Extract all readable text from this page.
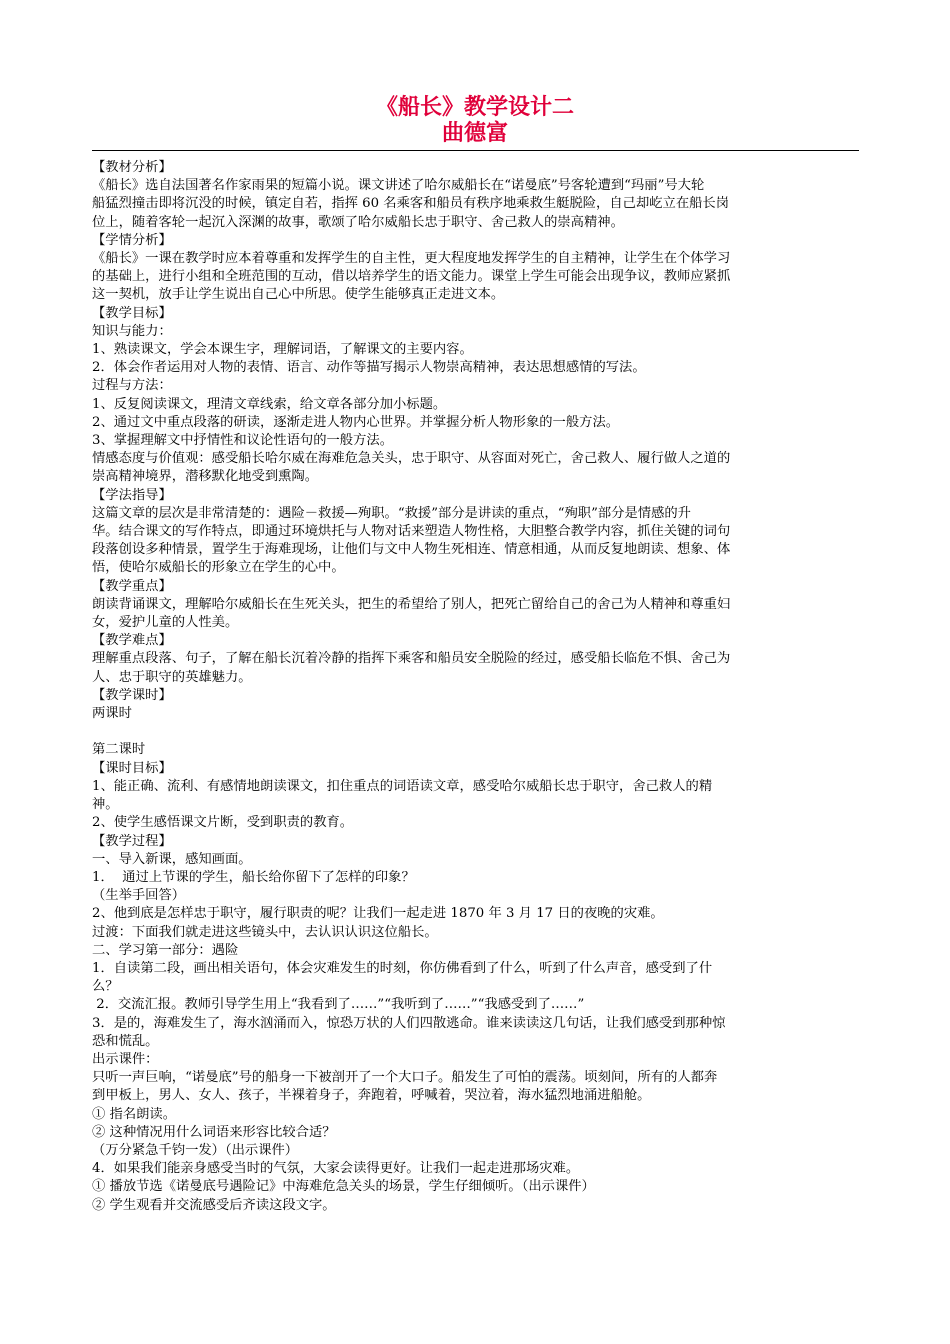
《船长》教学设计二
曲德富

【教材分析】

《船长》选自法国著名作家雨果的短篇小说。课文讲述了哈尔威船长在“诺曼底”号客轮遭到“玛丽”号大轮

船猛烈撞击即将沉没的时候，镇定自若，指挥 60 名乘客和船员有秩序地乘救生艇脱险，自己却屹立在船长岗

位上，随着客轮一起沉入深渊的故事，歌颂了哈尔威船长忠于职守、舍己救人的崇高精神。

【学情分析】

《船长》一课在教学时应本着尊重和发挥学生的自主性，更大程度地发挥学生的自主精神，让学生在个体学习

的基础上，进行小组和全班范围的互动，借以培养学生的语文能力。课堂上学生可能会出现争议，教师应紧抓

这一契机，放手让学生说出自己心中所思。使学生能够真正走进文本。

【教学目标】

知识与能力：

1、熟读课文，学会本课生字，理解词语，了解课文的主要内容。

2．体会作者运用对人物的表情、语言、动作等描写揭示人物崇高精神，表达思想感情的写法。

过程与方法：

1、反复阅读课文，理清文章线索，给文章各部分加小标题。

2、通过文中重点段落的研读，逐渐走进人物内心世界。并掌握分析人物形象的一般方法。

3、掌握理解文中抒情性和议论性语句的一般方法。

情感态度与价值观：感受船长哈尔威在海难危急关头，忠于职守、从容面对死亡，舍己救人、履行做人之道的

崇高精神境界，潜移默化地受到熏陶。

【学法指导】

这篇文章的层次是非常清楚的：遇险－救援—殉职。“救援”部分是讲读的重点，“殉职”部分是情感的升

华。结合课文的写作特点，即通过环境烘托与人物对话来塑造人物性格，大胆整合教学内容，抓住关键的词句

段落创设多种情景，置学生于海难现场，让他们与文中人物生死相连、情意相通，从而反复地朗读、想象、体

悟，使哈尔威船长的形象立在学生的心中。

【教学重点】

朗读背诵课文，理解哈尔威船长在生死关头，把生的希望给了别人，把死亡留给自己的舍己为人精神和尊重妇

女，爱护儿童的人性美。

【教学难点】

理解重点段落、句子，了解在船长沉着冷静的指挥下乘客和船员安全脱险的经过，感受船长临危不惧、舍己为

人、忠于职守的英雄魅力。

【教学课时】

两课时

第二课时

【课时目标】

1、能正确、流利、有感情地朗读课文，扣住重点的词语读文章，感受哈尔威船长忠于职守，舍己救人的精

神。

2、使学生感悟课文片断，受到职责的教育。

【教学过程】

一、导入新课，感知画面。

1．  通过上节课的学生，船长给你留下了怎样的印象？

（生举手回答）

2、他到底是怎样忠于职守，履行职责的呢？让我们一起走进 1870 年 3 月 17 日的夜晚的灾难。

过渡：下面我们就走进这些镜头中，去认识认识这位船长。

二、学习第一部分：遇险

1．自读第二段，画出相关语句，体会灾难发生的时刻，你仿佛看到了什么，听到了什么声音，感受到了什

么？

2．交流汇报。教师引导学生用上“我看到了……”“我听到了……”“我感受到了……”

3．是的，海难发生了，海水汹涌而入，惊恐万状的人们四散逃命。谁来读读这几句话，让我们感受到那种惊

恐和慌乱。

出示课件：

只听一声巨响，“诺曼底”号的船身一下被剖开了一个大口子。船发生了可怕的震荡。顷刻间，所有的人都奔

到甲板上，男人、女人、孩子，半裸着身子，奔跑着，呼喊着，哭泣着，海水猛烈地涌进船舱。

① 指名朗读。

② 这种情况用什么词语来形容比较合适？

（万分紧急千钧一发）（出示课件）

4．如果我们能亲身感受当时的气氛，大家会读得更好。让我们一起走进那场灾难。

① 播放节选《诺曼底号遇险记》中海难危急关头的场景，学生仔细倾听。（出示课件）

② 学生观看并交流感受后齐读这段文字。
